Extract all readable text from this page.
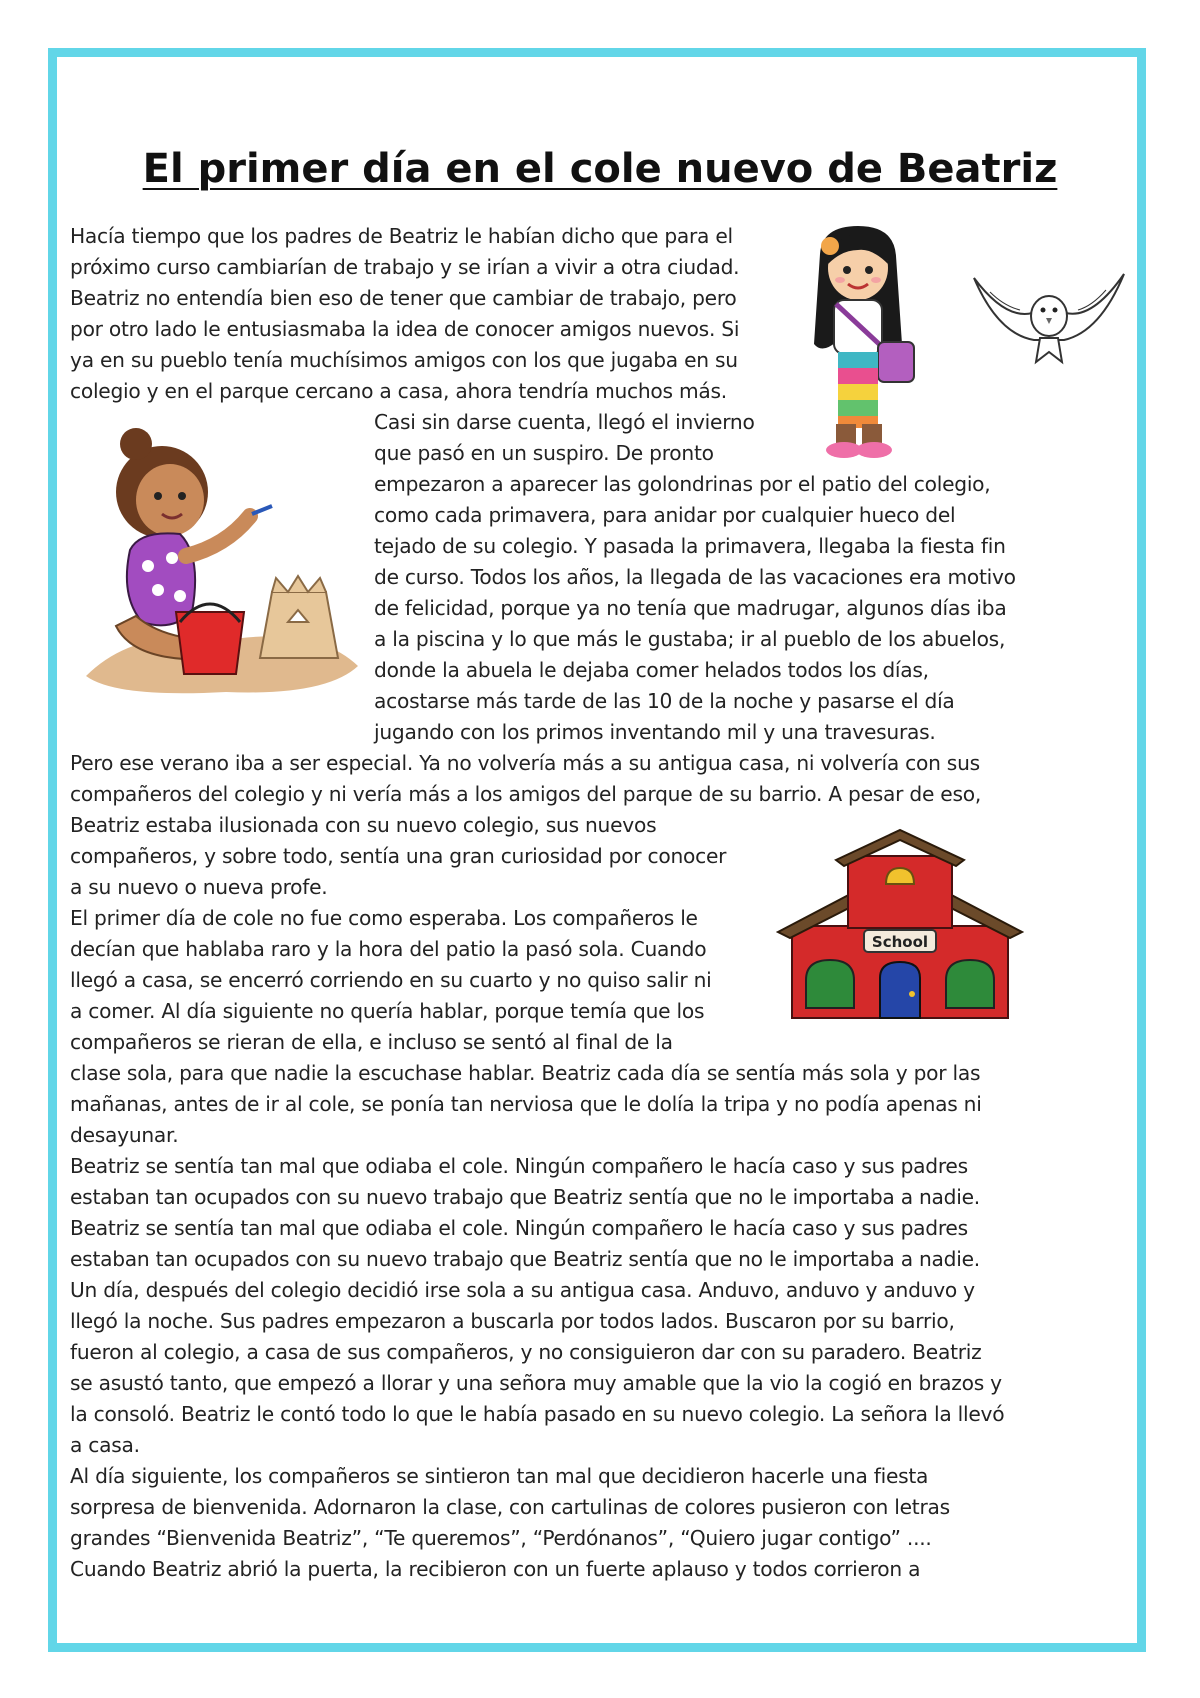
El primer día en el cole nuevo de Beatriz

Hacía tiempo que los padres de Beatriz le habían dicho que para el

próximo curso cambiarían de trabajo y se irían a vivir a otra ciudad.

Beatriz no entendía bien eso de tener que cambiar de trabajo, pero

por otro lado le entusiasmaba la idea de conocer amigos nuevos. Si

ya en su pueblo tenía muchísimos amigos con los que jugaba en su

colegio y en el parque cercano a casa, ahora tendría muchos más.

Casi sin darse cuenta, llegó el invierno

que pasó en un suspiro. De pronto

empezaron a aparecer las golondrinas por el patio del colegio,

como cada primavera, para anidar por cualquier hueco del

tejado de su colegio. Y pasada la primavera, llegaba la fiesta fin

de curso. Todos los años, la llegada de las vacaciones era motivo

de felicidad, porque ya no tenía que madrugar, algunos días iba

a la piscina y lo que más le gustaba; ir al pueblo de los abuelos,

donde la abuela le dejaba comer helados todos los días,

acostarse más tarde de las 10 de la noche y pasarse el día

jugando con los primos inventando mil y una travesuras.

Pero ese verano iba a ser especial. Ya no volvería más a su antigua casa, ni volvería con sus

compañeros del colegio y ni vería más a los amigos del parque de su barrio. A pesar de eso,

Beatriz estaba ilusionada con su nuevo colegio, sus nuevos

compañeros, y sobre todo, sentía una gran curiosidad por conocer

a su nuevo o nueva profe.

El primer día de cole no fue como esperaba. Los compañeros le

decían que hablaba raro y la hora del patio la pasó sola. Cuando

llegó a casa, se encerró corriendo en su cuarto y no quiso salir ni

a comer. Al día siguiente no quería hablar, porque temía que los

compañeros se rieran de ella, e incluso se sentó al final de la

clase sola, para que nadie la escuchase hablar. Beatriz cada día se sentía más sola y por las

mañanas, antes de ir al cole, se ponía tan nerviosa que le dolía la tripa y no podía apenas ni

desayunar.

Beatriz se sentía tan mal que odiaba el cole. Ningún compañero le hacía caso y sus padres

estaban tan ocupados con su nuevo trabajo que Beatriz sentía que no le importaba a nadie.

Beatriz se sentía tan mal que odiaba el cole. Ningún compañero le hacía caso y sus padres

estaban tan ocupados con su nuevo trabajo que Beatriz sentía que no le importaba a nadie.

Un día, después del colegio decidió irse sola a su antigua casa. Anduvo, anduvo y anduvo y

llegó la noche. Sus padres empezaron a buscarla por todos lados. Buscaron por su barrio,

fueron al colegio, a casa de sus compañeros, y no consiguieron dar con su paradero. Beatriz

se asustó tanto, que empezó a llorar y una señora muy amable que la vio la cogió en brazos y

la consoló. Beatriz le contó todo lo que le había pasado en su nuevo colegio. La señora la llevó

a casa.

Al día siguiente, los compañeros se sintieron tan mal que decidieron hacerle una fiesta

sorpresa de bienvenida. Adornaron la clase, con cartulinas de colores pusieron con letras

grandes “Bienvenida Beatriz”, “Te queremos”, “Perdónanos”, “Quiero jugar contigo” ....

Cuando Beatriz abrió la puerta, la recibieron con un fuerte aplauso y todos corrieron a

School
